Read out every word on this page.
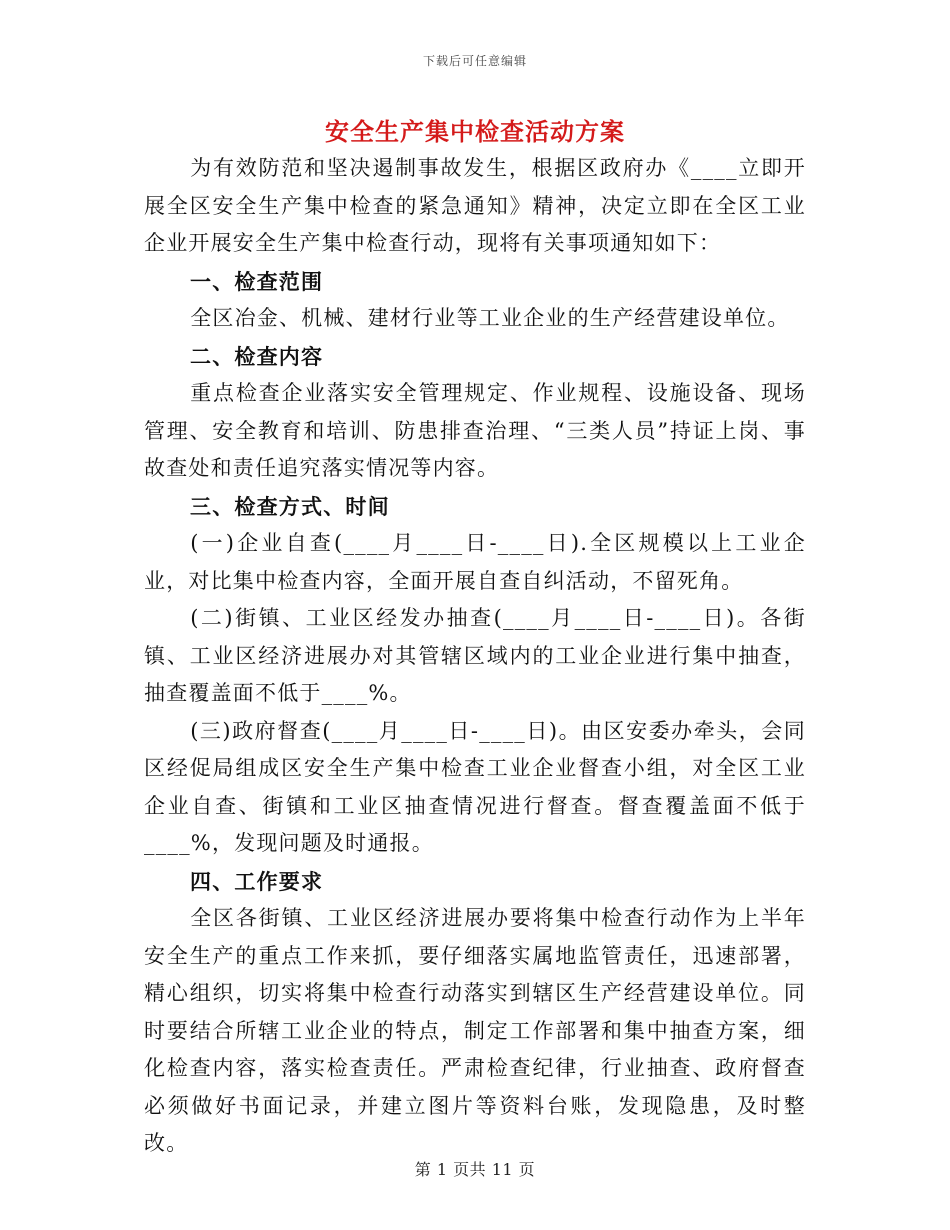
下载后可任意编辑
安全生产集中检查活动方案

为有效防范和坚决遏制事故发生，根据区政府办《____立即开展全区安全生产集中检查的紧急通知》精神，决定立即在全区工业企业开展安全生产集中检查行动，现将有关事项通知如下：

一、检查范围

全区冶金、机械、建材行业等工业企业的生产经营建设单位。

二、检查内容

重点检查企业落实安全管理规定、作业规程、设施设备、现场管理、安全教育和培训、防患排查治理、“三类人员”持证上岗、事故查处和责任追究落实情况等内容。

三、检查方式、时间

(一)企业自查(____月____日-____日).全区规模以上工业企业，对比集中检查内容，全面开展自查自纠活动，不留死角。

(二)街镇、工业区经发办抽查(____月____日-____日)。各街镇、工业区经济进展办对其管辖区域内的工业企业进行集中抽查，抽查覆盖面不低于____%。

(三)政府督查(____月____日-____日)。由区安委办牵头，会同区经促局组成区安全生产集中检查工业企业督查小组，对全区工业企业自查、街镇和工业区抽查情况进行督查。督查覆盖面不低于____%，发现问题及时通报。

四、工作要求

全区各街镇、工业区经济进展办要将集中检查行动作为上半年安全生产的重点工作来抓，要仔细落实属地监管责任，迅速部署，精心组织，切实将集中检查行动落实到辖区生产经营建设单位。同时要结合所辖工业企业的特点，制定工作部署和集中抽查方案，细化检查内容，落实检查责任。严肃检查纪律，行业抽查、政府督查必须做好书面记录，并建立图片等资料台账，发现隐患，及时整改。

第 1 页共 11 页
